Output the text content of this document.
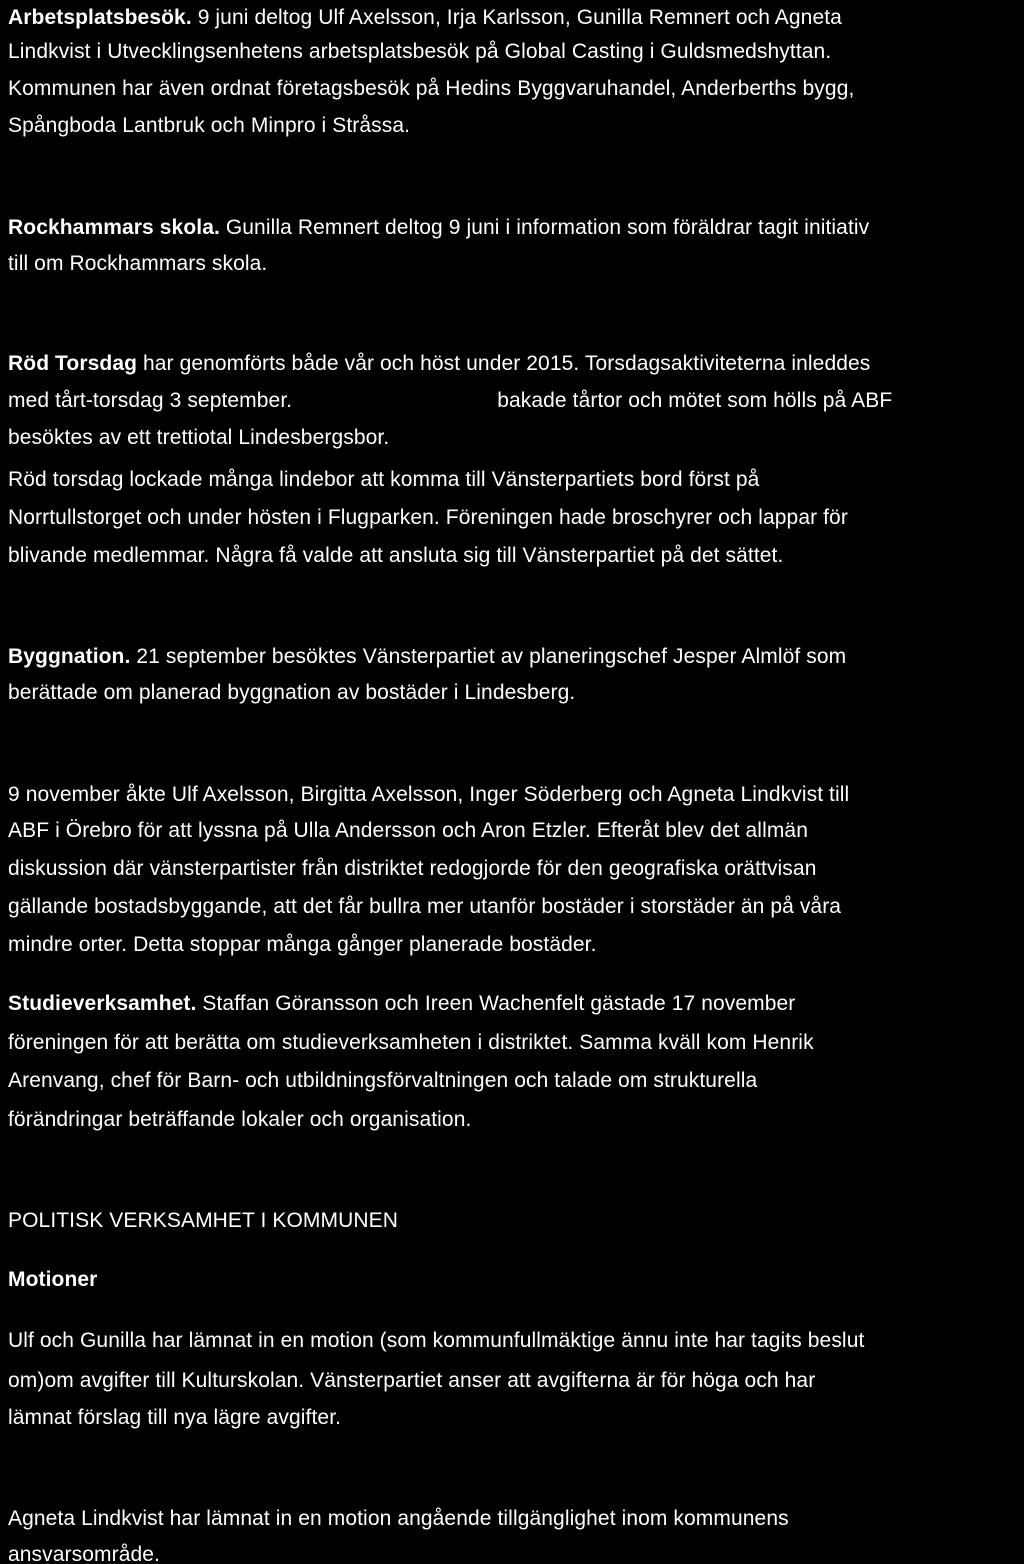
Arbetsplatsbesök. 9 juni deltog Ulf Axelsson, Irja Karlsson, Gunilla Remnert och Agneta
Lindkvist i Utvecklingsenhetens arbetsplatsbesök på Global Casting i Guldsmedshyttan.
Kommunen har även ordnat företagsbesök på Hedins Byggvaruhandel, Anderberths bygg,
Spångboda Lantbruk och Minpro i Stråssa.
Rockhammars skola. Gunilla Remnert deltog 9 juni i information som föräldrar tagit initiativ
till om Rockhammars skola.
Röd Torsdag har genomförts både vår och höst under 2015. Torsdagsaktiviteterna inleddes
med tårt-torsdag 3 september.	bakade tårtor och mötet som hölls på ABF
besöktes av ett trettiotal Lindesbergsbor.
Röd torsdag lockade många lindebor att komma till Vänsterpartiets bord först på
Norrtullstorget och under hösten i Flugparken. Föreningen hade broschyrer och lappar för
blivande medlemmar. Några få valde att ansluta sig till Vänsterpartiet på det sättet.
Byggnation. 21 september besöktes Vänsterpartiet av planeringschef Jesper Almlöf som
berättade om planerad byggnation av bostäder i Lindesberg.
9 november åkte Ulf Axelsson, Birgitta Axelsson, Inger Söderberg och Agneta Lindkvist till
ABF i Örebro för att lyssna på Ulla Andersson och Aron Etzler. Efteråt blev det allmän
diskussion där vänsterpartister från distriktet redogjorde för den geografiska orättvisan
gällande bostadsbyggande, att det får bullra mer utanför bostäder i storstäder än på våra
mindre orter. Detta stoppar många gånger planerade bostäder.
Studieverksamhet. Staffan Göransson och Ireen Wachenfelt gästade 17 november
föreningen för att berätta om studieverksamheten i distriktet. Samma kväll kom Henrik
Arenvang, chef för Barn- och utbildningsförvaltningen och talade om strukturella
förändringar beträffande lokaler och organisation.
POLITISK VERKSAMHET I KOMMUNEN
Motioner
Ulf och Gunilla har lämnat in en motion (som kommunfullmäktige ännu inte har tagits beslut
om)om avgifter till Kulturskolan. Vänsterpartiet anser att avgifterna är för höga och har
lämnat förslag till nya lägre avgifter.
Agneta Lindkvist har lämnat in en motion angående tillgänglighet inom kommunens
ansvarsområde.
